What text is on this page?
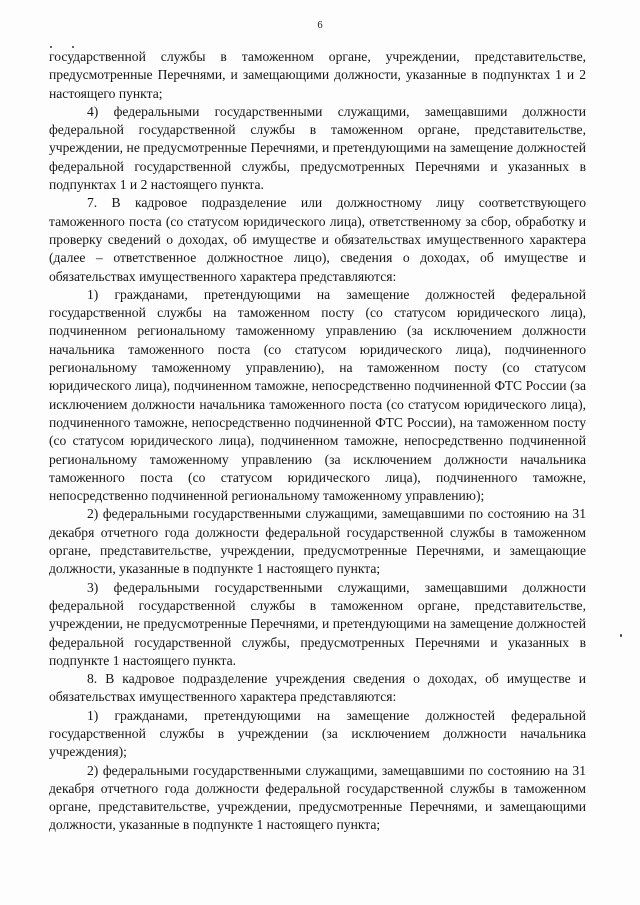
6

государственной службы в таможенном органе, учреждении, представительстве, предусмотренные Перечнями, и замещающими должности, указанные в подпунктах 1 и 2 настоящего пункта;

4) федеральными государственными служащими, замещавшими должности федеральной государственной службы в таможенном органе, представительстве, учреждении, не предусмотренные Перечнями, и претендующими на замещение должностей федеральной государственной службы, предусмотренных Перечнями и указанных в подпунктах 1 и 2 настоящего пункта.

7. В кадровое подразделение или должностному лицу соответствующего таможенного поста (со статусом юридического лица), ответственному за сбор, обработку и проверку сведений о доходах, об имуществе и обязательствах имущественного характера (далее – ответственное должностное лицо), сведения о доходах, об имуществе и обязательствах имущественного характера представляются:

1) гражданами, претендующими на замещение должностей федеральной государственной службы на таможенном посту (со статусом юридического лица), подчиненном региональному таможенному управлению (за исключением должности начальника таможенного поста (со статусом юридического лица), подчиненного региональному таможенному управлению), на таможенном посту (со статусом юридического лица), подчиненном таможне, непосредственно подчиненной ФТС России (за исключением должности начальника таможенного поста (со статусом юридического лица), подчиненного таможне, непосредственно подчиненной ФТС России), на таможенном посту (со статусом юридического лица), подчиненном таможне, непосредственно подчиненной региональному таможенному управлению (за исключением должности начальника таможенного поста (со статусом юридического лица), подчиненного таможне, непосредственно подчиненной региональному таможенному управлению);

2) федеральными государственными служащими, замещавшими по состоянию на 31 декабря отчетного года должности федеральной государственной службы в таможенном органе, представительстве, учреждении, предусмотренные Перечнями, и замещающие должности, указанные в подпункте 1 настоящего пункта;

3) федеральными государственными служащими, замещавшими должности федеральной государственной службы в таможенном органе, представительстве, учреждении, не предусмотренные Перечнями, и претендующими на замещение должностей федеральной государственной службы, предусмотренных Перечнями и указанных в подпункте 1 настоящего пункта.

8. В кадровое подразделение учреждения сведения о доходах, об имуществе и обязательствах имущественного характера представляются:

1) гражданами, претендующими на замещение должностей федеральной государственной службы в учреждении (за исключением должности начальника учреждения);

2) федеральными государственными служащими, замещавшими по состоянию на 31 декабря отчетного года должности федеральной государственной службы в таможенном органе, представительстве, учреждении, предусмотренные Перечнями, и замещающими должности, указанные в подпункте 1 настоящего пункта;
